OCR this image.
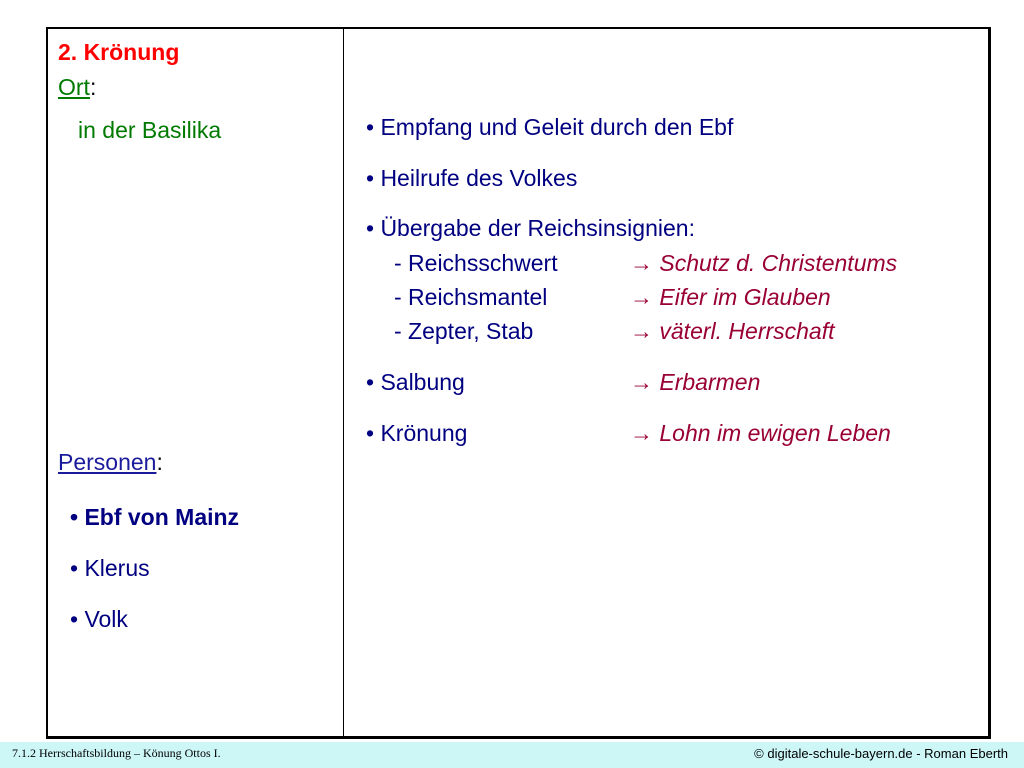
2. Krönung
Ort:
in der Basilika
Personen:
• Ebf von Mainz
• Klerus
• Volk
• Empfang und Geleit durch den Ebf
• Heilrufe des Volkes
• Übergabe der Reichsinsignien:
- Reichsschwert	→ Schutz d. Christentums
- Reichsmantel	→ Eifer im Glauben
- Zepter, Stab	→ väterl. Herrschaft
• Salbung	→ Erbarmen
• Krönung	→ Lohn im ewigen Leben
7.1.2 Herrschaftsbildung – Könung Ottos I.	© digitale-schule-bayern.de - Roman Eberth
